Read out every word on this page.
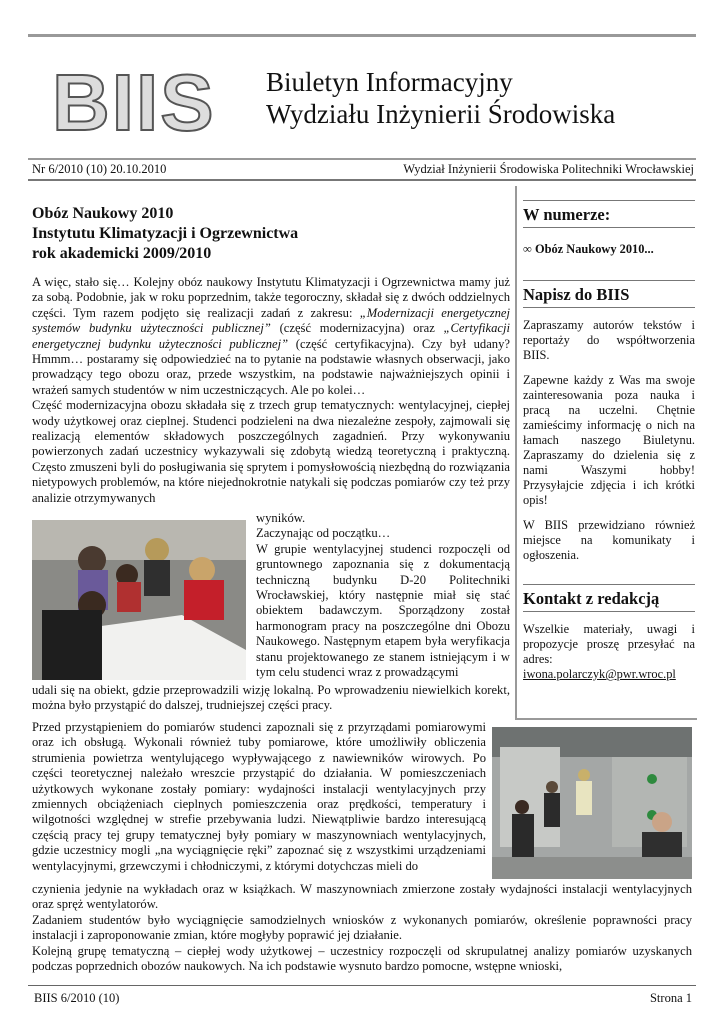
BIIS Biuletyn Informacyjny
Wydziału Inżynierii Środowiska
Nr 6/2010 (10) 20.10.2010	Wydział Inżynierii Środowiska Politechniki Wrocławskiej
Obóz Naukowy 2010
Instytutu Klimatyzacji i Ogrzewnictwa
rok akademicki 2009/2010

A więc, stało się… Kolejny obóz naukowy Instytutu Klimatyzacji i Ogrzewnictwa mamy już za sobą. Podobnie, jak w roku poprzednim, także tegoroczny, składał się z dwóch oddzielnych części. Tym razem podjęto się realizacji zadań z zakresu: „Modernizacji energetycznej systemów budynku użyteczności publicznej” (część modernizacyjna) oraz „Certyfikacji energetycznej budynku użyteczności publicznej” (część certyfikacyjna). Czy był udany? Hmmm… postaramy się odpowiedzieć na to pytanie na podstawie własnych obserwacji, jako prowadzący tego obozu oraz, przede wszystkim, na podstawie najważniejszych opinii i wrażeń samych studentów w nim uczestniczących. Ale po kolei…

Część modernizacyjna obozu składała się z trzech grup tematycznych: wentylacyjnej, ciepłej wody użytkowej oraz cieplnej. Studenci podzieleni na dwa niezależne zespoły, zajmowali się realizacją elementów składowych poszczególnych zagadnień. Przy wykonywaniu powierzonych zadań uczestnicy wykazywali się zdobytą wiedzą teoretyczną i praktyczną. Często zmuszeni byli do posługiwania się sprytem i pomysłowością niezbędną do rozwiązania nietypowych problemów, na które niejednokrotnie natykali się podczas pomiarów czy też przy analizie otrzymywanych

wyników.

Zaczynając od początku…

W grupie wentylacyjnej studenci rozpoczęli od gruntownego zapoznania się z dokumentacją techniczną budynku D-20 Politechniki Wrocławskiej, który następnie miał się stać obiektem badawczym. Sporządzony został harmonogram pracy na poszczególne dni Obozu Naukowego. Następnym etapem była weryfikacja stanu projektowanego ze stanem istniejącym i w tym celu studenci wraz z prowadzącymi

udali się na obiekt, gdzie przeprowadzili wizję lokalną. Po wprowadzeniu niewielkich korekt, można było przystąpić do dalszej, trudniejszej części pracy.

Przed przystąpieniem do pomiarów studenci zapoznali się z przyrządami pomiarowymi oraz ich obsługą. Wykonali również tuby pomiarowe, które umożliwiły obliczenia strumienia powietrza wentylującego wypływającego z nawiewników wirowych. Po części teoretycznej należało wreszcie przystąpić do działania. W pomieszczeniach użytkowych wykonane zostały pomiary: wydajności instalacji wentylacyjnych przy zmiennych obciążeniach cieplnych pomieszczenia oraz prędkości, temperatury i wilgotności względnej w strefie przebywania ludzi. Niewątpliwie bardzo interesującą częścią pracy tej grupy tematycznej były pomiary w maszynowniach wentylacyjnych, gdzie uczestnicy mogli „na wyciągnięcie ręki” zapoznać się z wszystkimi urządzeniami wentylacyjnymi, grzewczymi i chłodniczymi, z którymi dotychczas mieli do

czynienia jedynie na wykładach oraz w książkach. W maszynowniach zmierzone zostały wydajności instalacji wentylacyjnych oraz spręż wentylatorów.

Zadaniem studentów było wyciągnięcie samodzielnych wniosków z wykonanych pomiarów, określenie poprawności pracy instalacji i zaproponowanie zmian, które mogłyby poprawić jej działanie.

Kolejną grupę tematyczną – ciepłej wody użytkowej – uczestnicy rozpoczęli od skrupulatnej analizy pomiarów uzyskanych podczas poprzednich obozów naukowych. Na ich podstawie wysnuto bardzo pomocne, wstępne wnioski,

W numerze:
∞ Obóz Naukowy 2010...
Napisz do BIIS

Zapraszamy autorów tekstów i reportaży do współtworzenia BIIS.

Zapewne każdy z Was ma swoje zainteresowania poza nauka i pracą na uczelni. Chętnie zamieścimy informację o nich na łamach naszego Biuletynu. Zapraszamy do dzielenia się z nami Waszymi hobby! Przysyłajcie zdjęcia i ich krótki opis!

W BIIS przewidziano również miejsce na komunikaty i ogłoszenia.

Kontakt z redakcją

Wszelkie materiały, uwagi i propozycje proszę przesyłać na adres:

iwona.polarczyk@pwr.wroc.pl

BIIS 6/2010 (10)	Strona 1
